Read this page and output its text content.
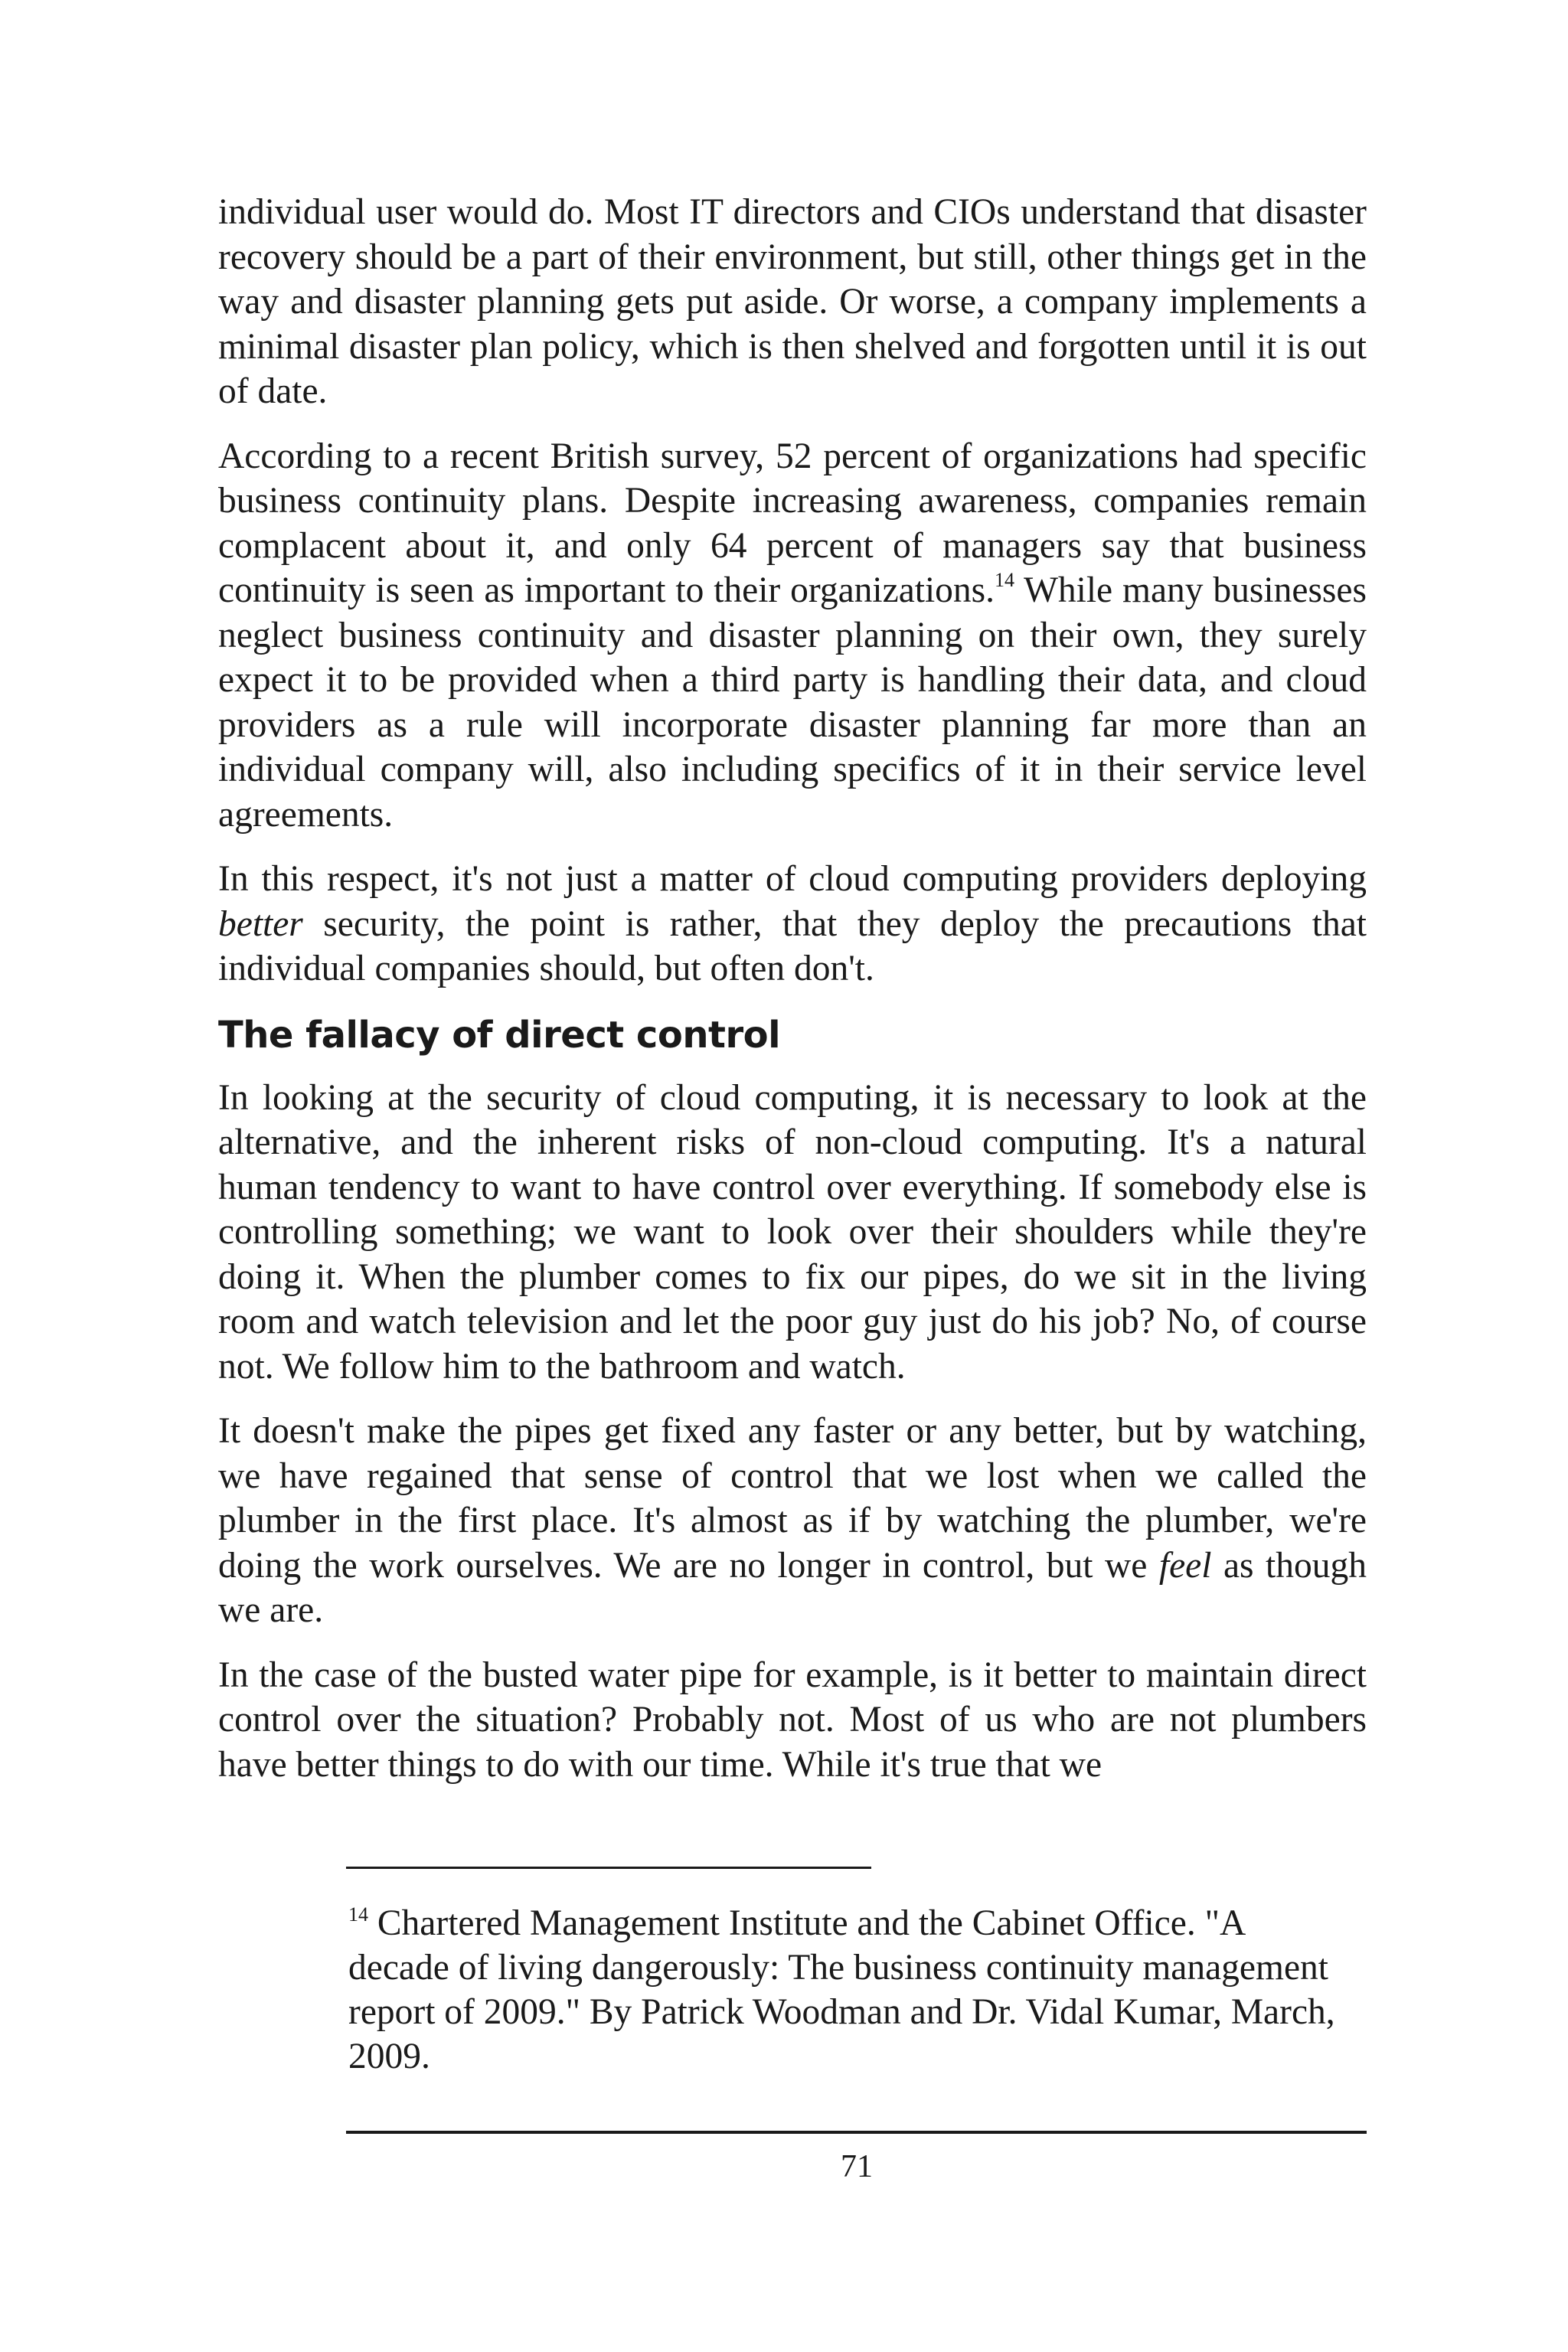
individual user would do. Most IT directors and CIOs understand that disaster recovery should be a part of their environment, but still, other things get in the way and disaster planning gets put aside. Or worse, a company implements a minimal disaster plan policy, which is then shelved and forgotten until it is out of date.

According to a recent British survey, 52 percent of organizations had specific business continuity plans. Despite increasing awareness, companies remain complacent about it, and only 64 percent of managers say that business continuity is seen as important to their organizations.$^{14}$ While many businesses neglect business continuity and disaster planning on their own, they surely expect it to be provided when a third party is handling their data, and cloud providers as a rule will incorporate disaster planning far more than an individual company will, also including specifics of it in their service level agreements.

In this respect, it's not just a matter of cloud computing providers deploying better security, the point is rather, that they deploy the precautions that individual companies should, but often don't.

The fallacy of direct control

In looking at the security of cloud computing, it is necessary to look at the alternative, and the inherent risks of non-cloud computing. It's a natural human tendency to want to have control over everything. If somebody else is controlling something; we want to look over their shoulders while they're doing it. When the plumber comes to fix our pipes, do we sit in the living room and watch television and let the poor guy just do his job? No, of course not. We follow him to the bathroom and watch.

It doesn't make the pipes get fixed any faster or any better, but by watching, we have regained that sense of control that we lost when we called the plumber in the first place. It's almost as if by watching the plumber, we're doing the work ourselves. We are no longer in control, but we feel as though we are.

In the case of the busted water pipe for example, is it better to maintain direct control over the situation? Probably not. Most of us who are not plumbers have better things to do with our time. While it's true that we

$^{14}$ Chartered Management Institute and the Cabinet Office. "A decade of living dangerously: The business continuity management report of 2009." By Patrick Woodman and Dr. Vidal Kumar, March, 2009.
71
